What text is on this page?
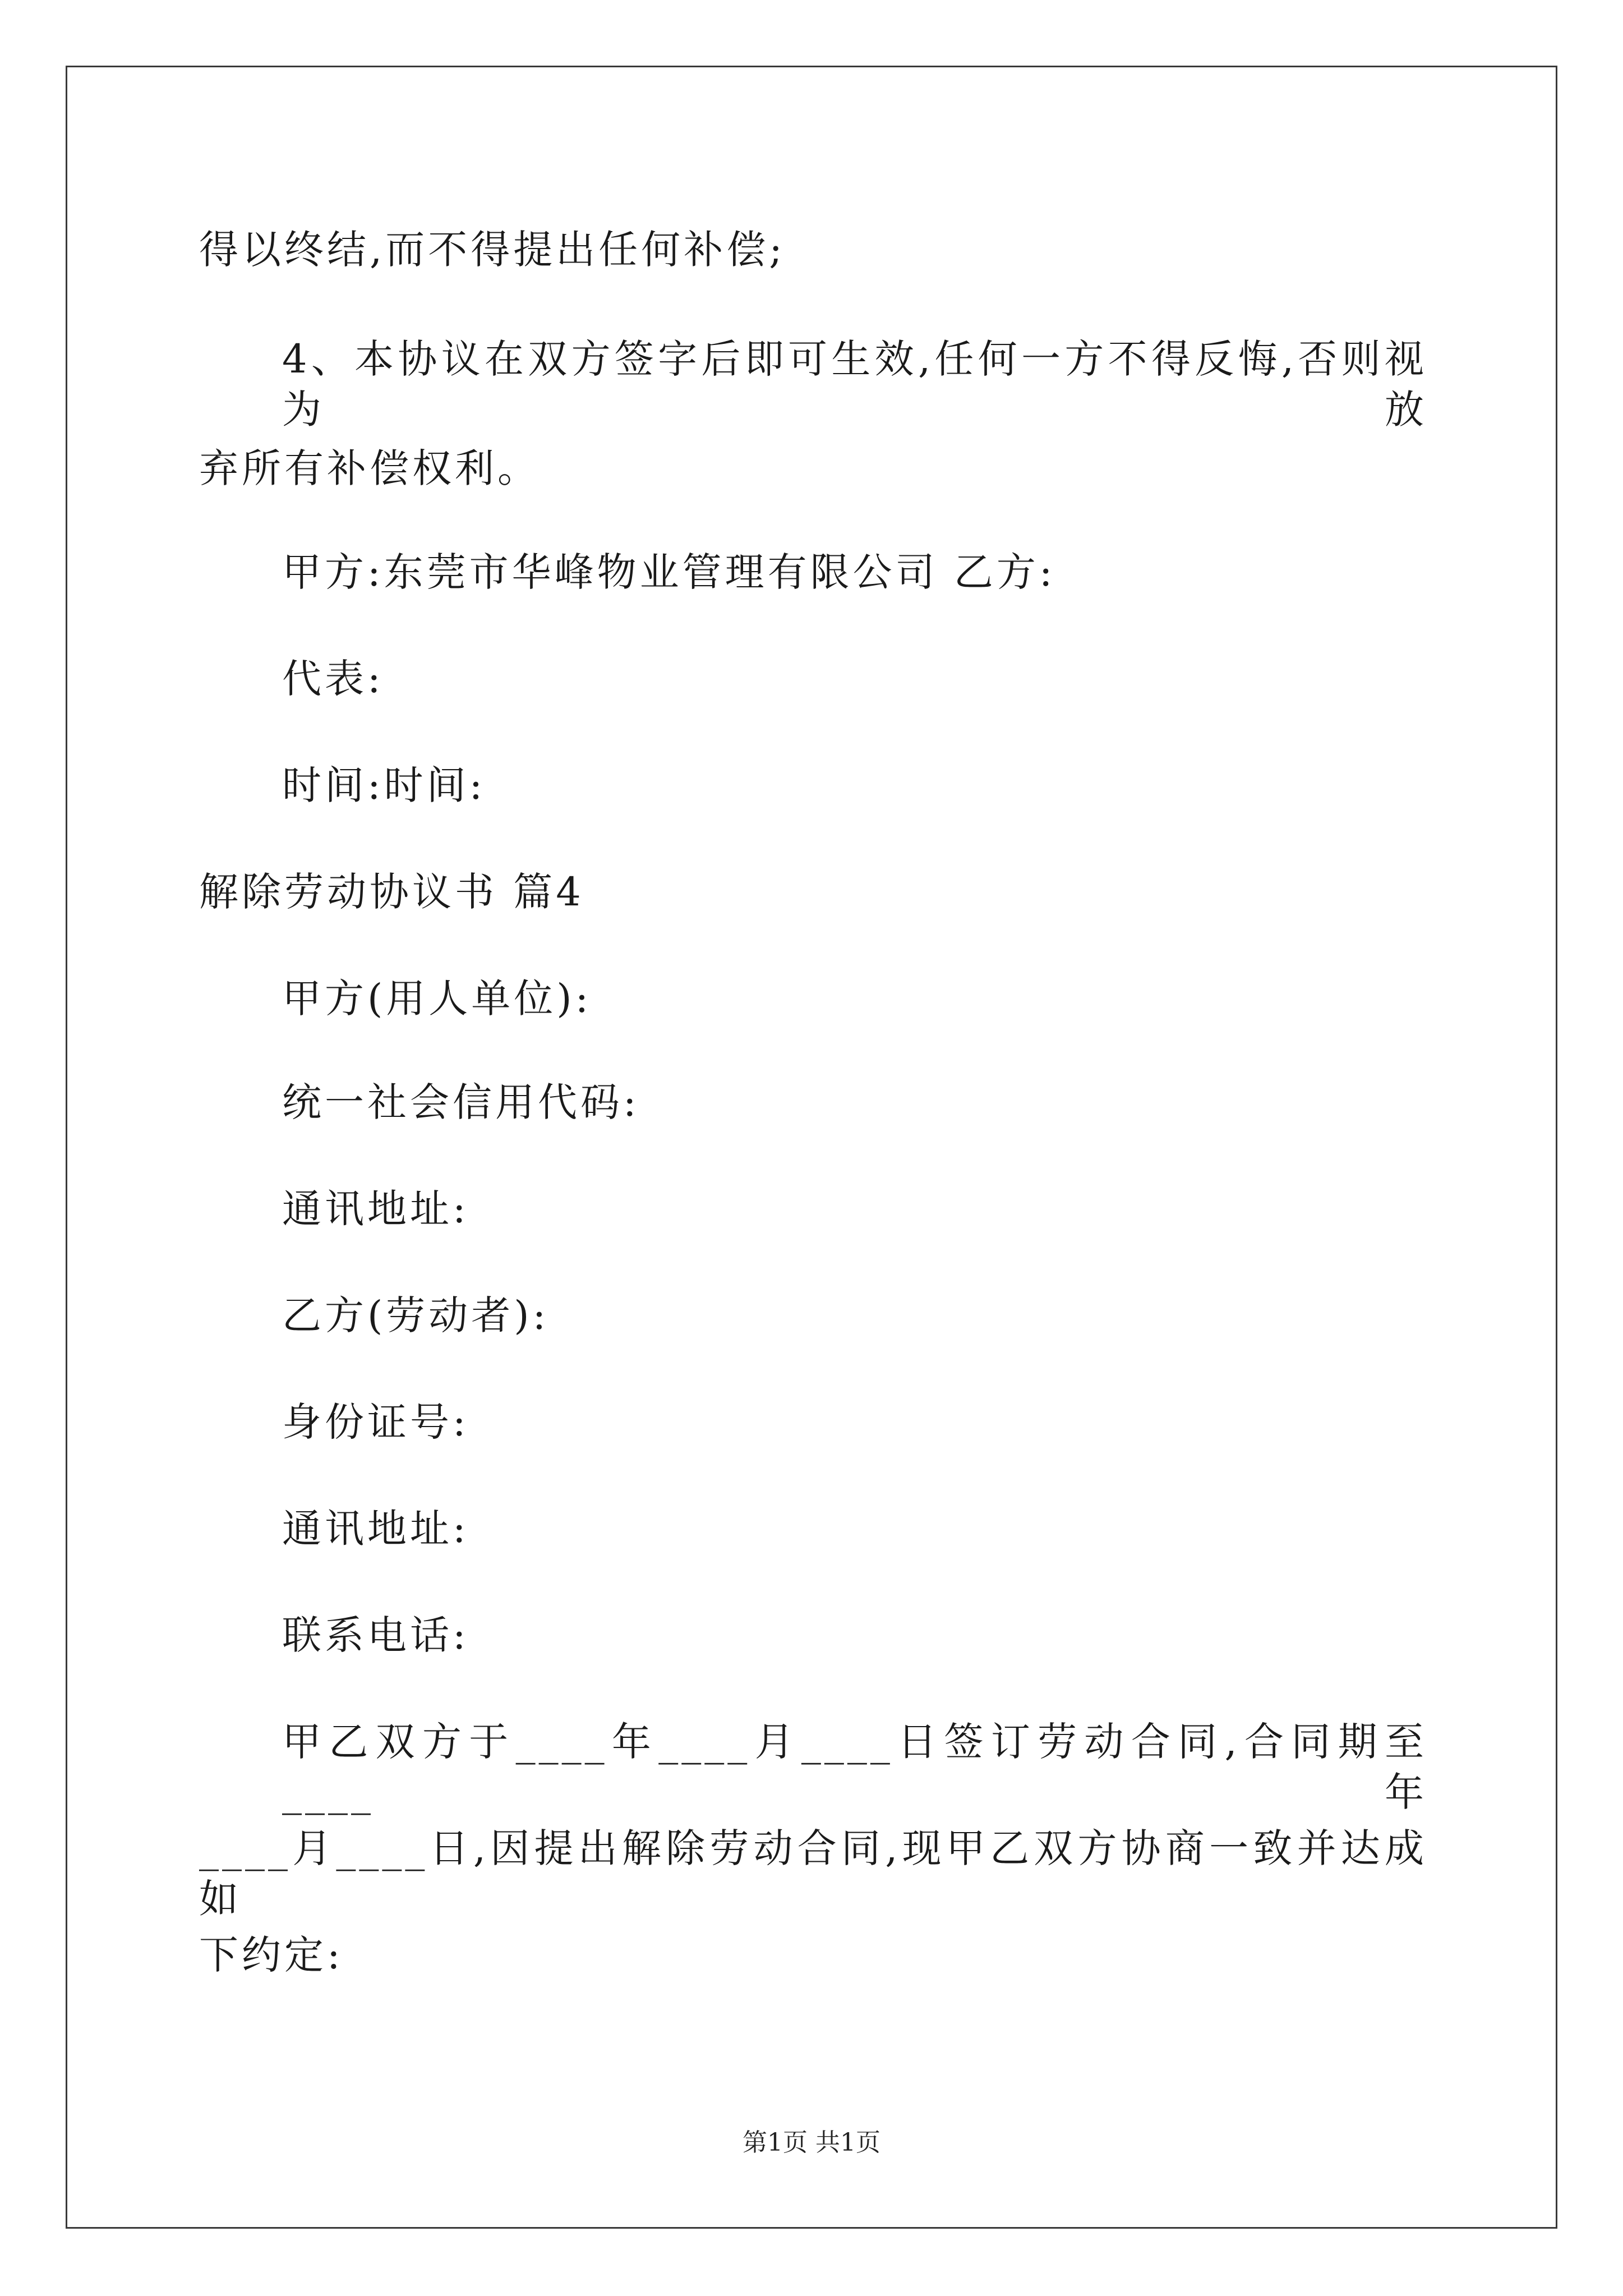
得以终结,而不得提出任何补偿;
4、本协议在双方签字后即可生效,任何一方不得反悔,否则视为放
弃所有补偿权利。
甲方:东莞市华峰物业管理有限公司 乙方:
代表:
时间:时间:
解除劳动协议书 篇4
甲方(用人单位):
统一社会信用代码:
通讯地址:
乙方(劳动者):
身份证号:
通讯地址:
联系电话:
甲乙双方于____年____月____日签订劳动合同,合同期至____年
____月____日,因提出解除劳动合同,现甲乙双方协商一致并达成如
下约定:
第1页 共1页
